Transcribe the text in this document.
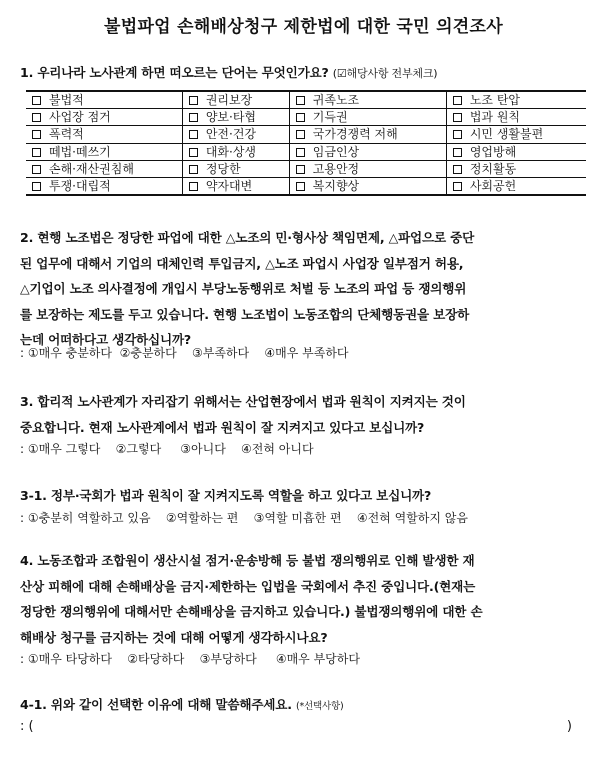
불법파업 손해배상청구 제한법에 대한 국민 의견조사
1. 우리나라 노사관계 하면 떠오르는 단어는 무엇인가요? (☑해당사항 전부체크)
불법적	권리보장	귀족노조	노조 탄압
사업장 점거	양보·타협	기득권	법과 원칙
폭력적	안전·건강	국가경쟁력 저해	시민 생활불편
떼법·떼쓰기	대화·상생	임금인상	영업방해
손해·재산권침해	정당한	고용안정	정치활동
투쟁·대립적	약자대변	복지향상	사회공헌
2. 현행 노조법은 정당한 파업에 대한 △노조의 민·형사상 책임면제, △파업으로 중단
된 업무에 대해서 기업의 대체인력 투입금지, △노조 파업시 사업장 일부점거 허용,
△기업이 노조 의사결정에 개입시 부당노동행위로 처벌 등 노조의 파업 등 쟁의행위
를 보장하는 제도를 두고 있습니다. 현행 노조법이 노동조합의 단체행동권을 보장하
는데 어떠하다고 생각하십니까?
: ①매우 충분하다  ②충분하다    ③부족하다    ④매우 부족하다
3. 합리적 노사관계가 자리잡기 위해서는 산업현장에서 법과 원칙이 지켜지는 것이
중요합니다. 현재 노사관계에서 법과 원칙이 잘 지켜지고 있다고 보십니까?
: ①매우 그렇다    ②그렇다     ③아니다    ④전혀 아니다
3-1. 정부·국회가 법과 원칙이 잘 지켜지도록 역할을 하고 있다고 보십니까?
: ①충분히 역할하고 있음    ②역할하는 편    ③역할 미흡한 편    ④전혀 역할하지 않음
4. 노동조합과 조합원이 생산시설 점거·운송방해 등 불법 쟁의행위로 인해 발생한 재
산상 피해에 대해 손해배상을 금지·제한하는 입법을 국회에서 추진 중입니다.(현재는
정당한 쟁의행위에 대해서만 손해배상을 금지하고 있습니다.) 불법쟁의행위에 대한 손
해배상 청구를 금지하는 것에 대해 어떻게 생각하시나요?
: ①매우 타당하다    ②타당하다    ③부당하다     ④매우 부당하다
4-1. 위와 같이 선택한 이유에 대해 말씀해주세요. (*선택사항)
: (	)
